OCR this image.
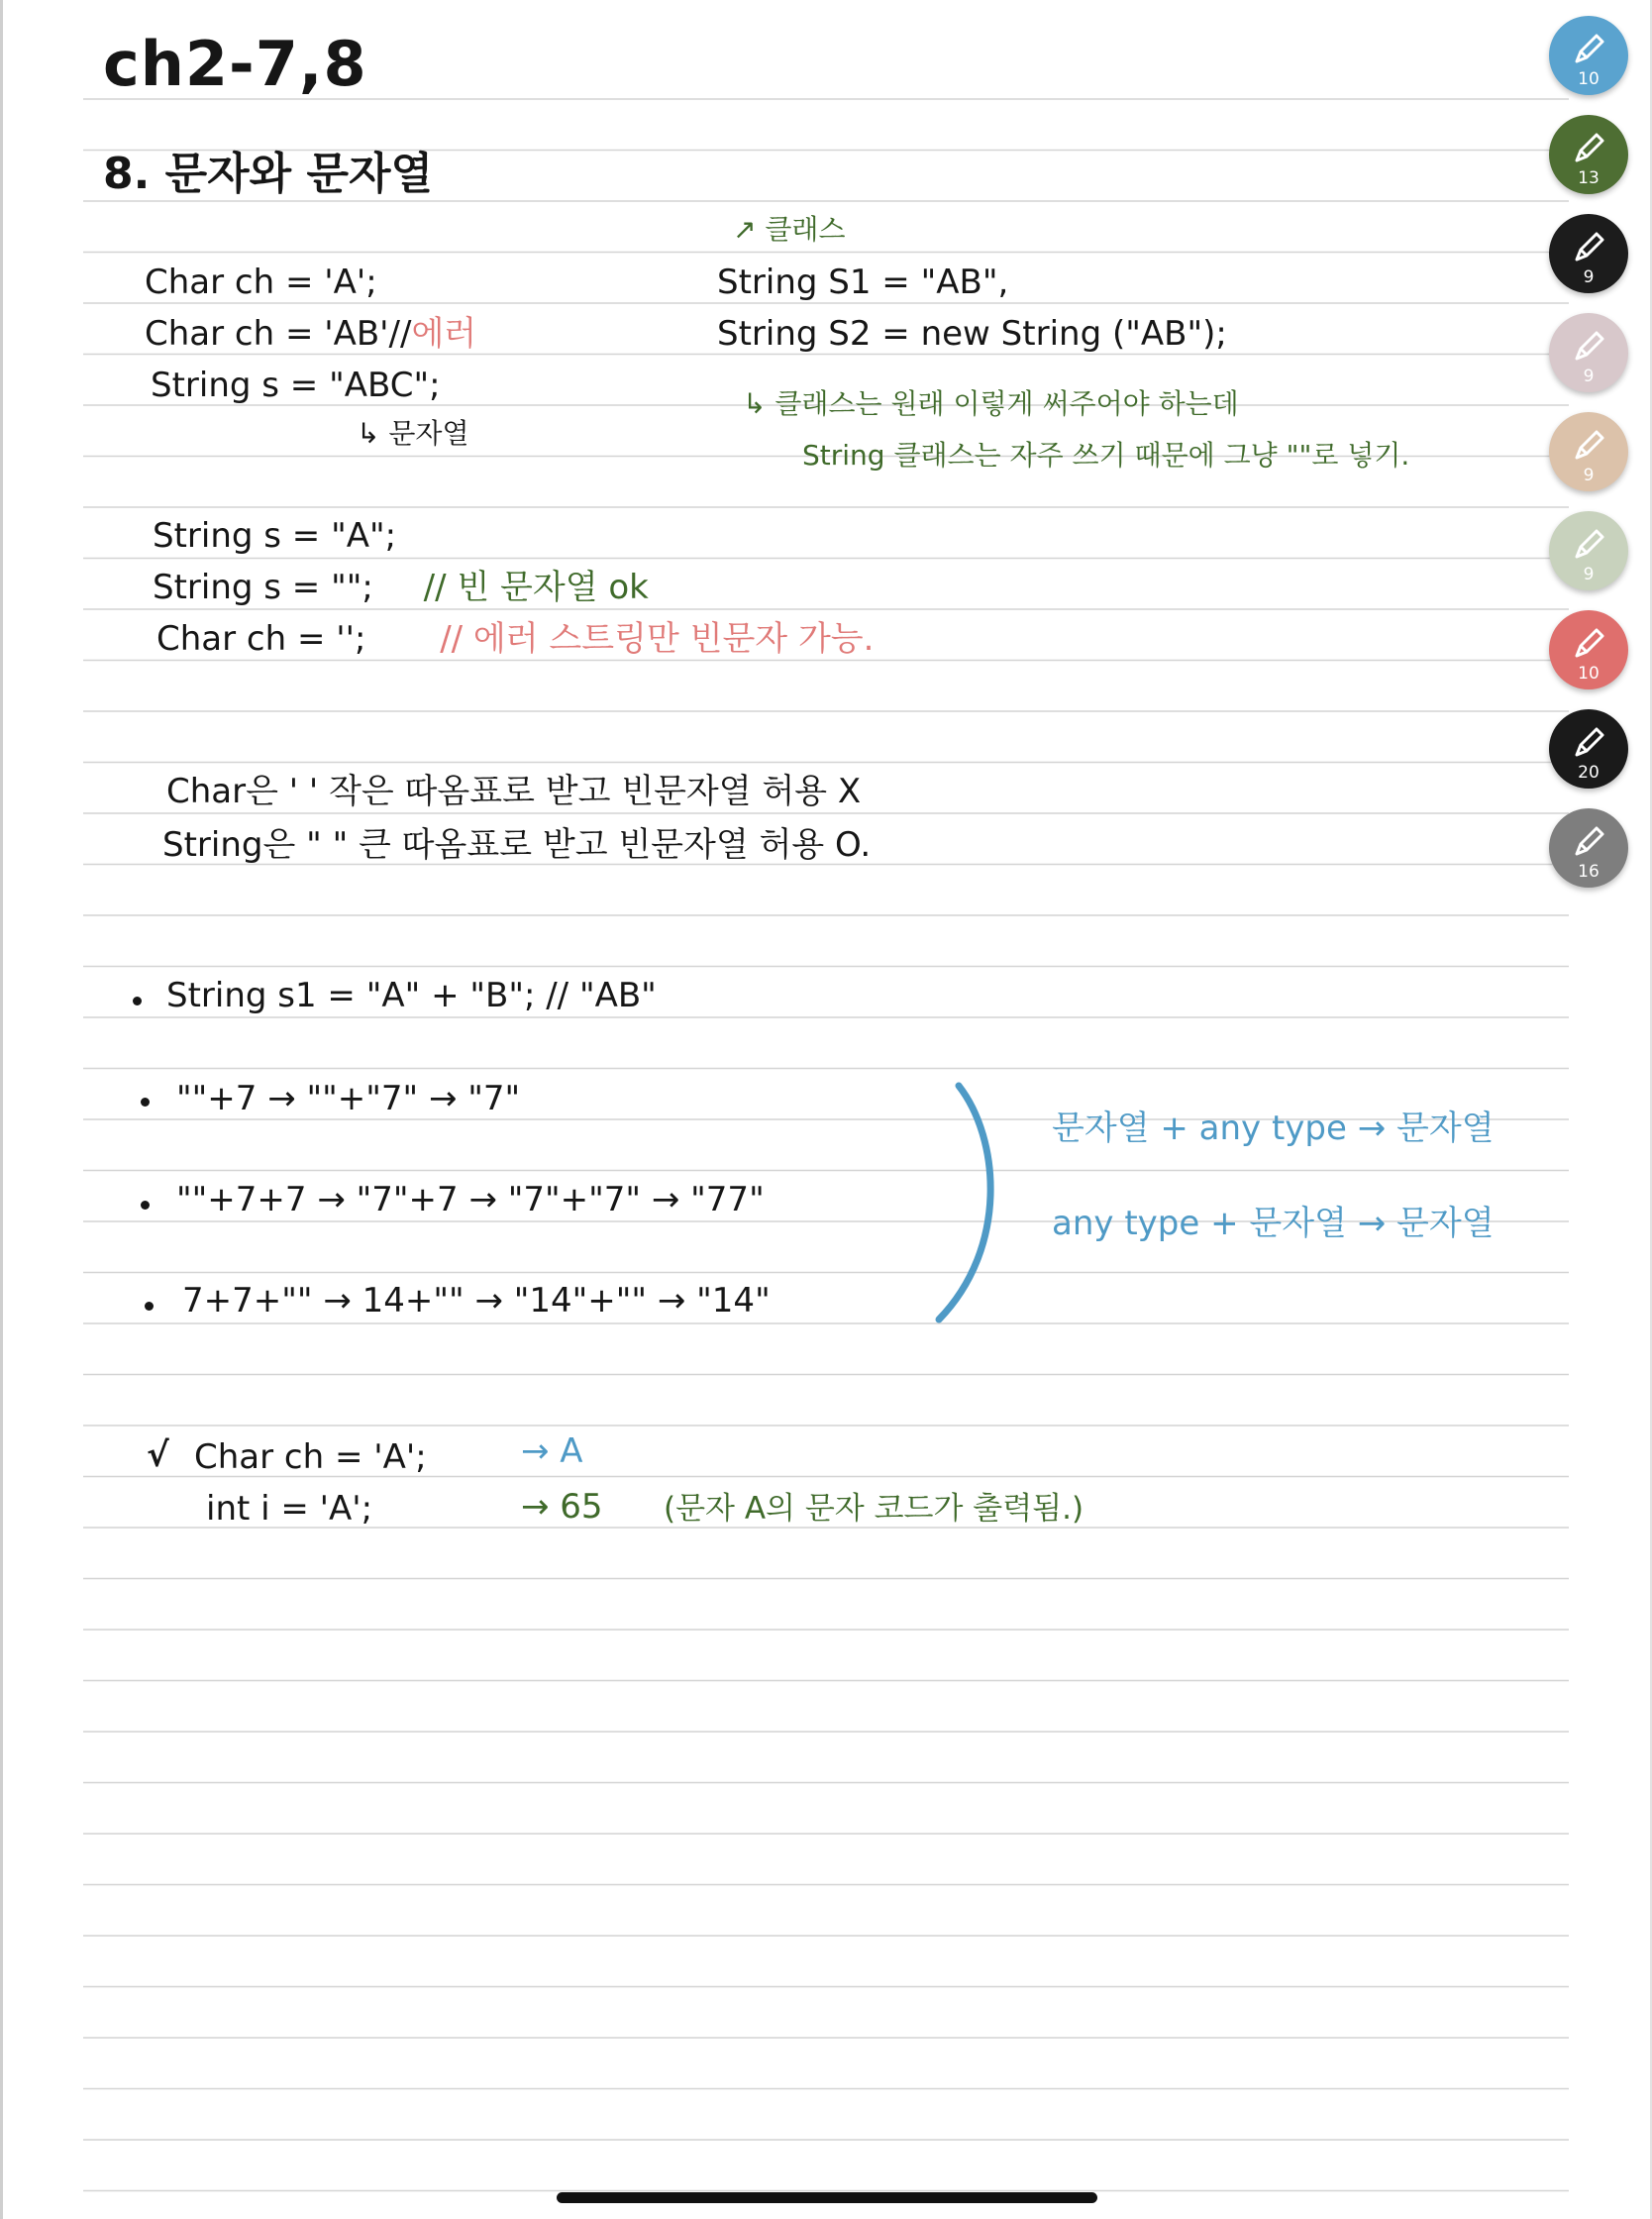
ch2-7,8
8. 문자와 문자열
Char ch = 'A';
Char ch = 'AB'//에러
String s = "ABC";
↳ 문자열
↗ 클래스
String S1 = "AB",
String S2 = new String ("AB");
↳ 클래스는 원래 이렇게 써주어야 하는데
String 클래스는 자주 쓰기 때문에 그냥 ""로 넣기.
String s = "A";
String s = ""; // 빈 문자열 ok
Char ch = ''; // 에러 스트링만 빈문자 가능.
Char은 ' ' 작은 따옴표로 받고 빈문자열 허용 X
String은 " " 큰 따옴표로 받고 빈문자열 허용 O.
String s1 = "A" + "B"; // "AB"
""+7 → ""+"7" → "7"
""+7+7 → "7"+7 → "7"+"7" → "77"
7+7+"" → 14+"" → "14"+"" → "14"
문자열 + any type → 문자열
any type + 문자열 → 문자열
√ Char ch = 'A';	→ A
int i = 'A';	→ 65 (문자 A의 문자 코드가 출력됨.)
10
13
9
9
9
9
10
20
16
